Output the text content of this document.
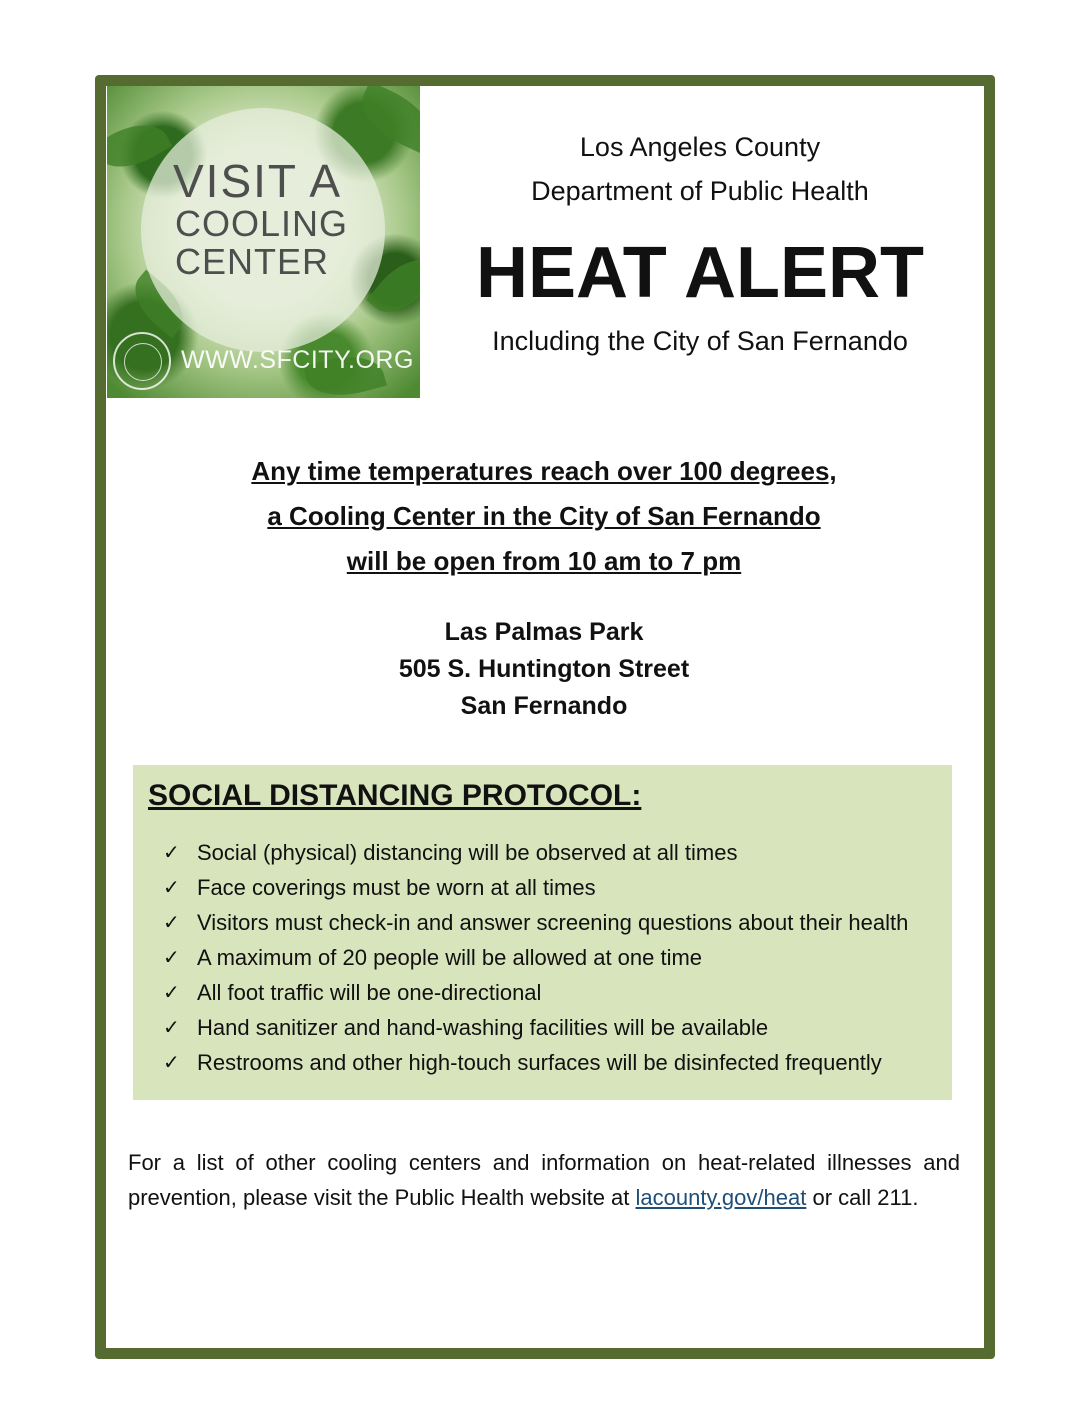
VISIT A
COOLING
CENTER
WWW.SFCITY.ORG
Los Angeles County
Department of Public Health
HEAT ALERT
Including the City of San Fernando
Any time temperatures reach over 100 degrees,
a Cooling Center in the City of San Fernando
will be open from 10 am to 7 pm
Las Palmas Park
505 S. Huntington Street
San Fernando
SOCIAL DISTANCING PROTOCOL:
✓ Social (physical) distancing will be observed at all times
✓ Face coverings must be worn at all times
✓ Visitors must check-in and answer screening questions about their health
✓ A maximum of 20 people will be allowed at one time
✓ All foot traffic will be one-directional
✓ Hand sanitizer and hand-washing facilities will be available
✓ Restrooms and other high-touch surfaces will be disinfected frequently
For a list of other cooling centers and information on heat-related illnesses and prevention, please visit the Public Health website at lacounty.gov/heat or call 211.
